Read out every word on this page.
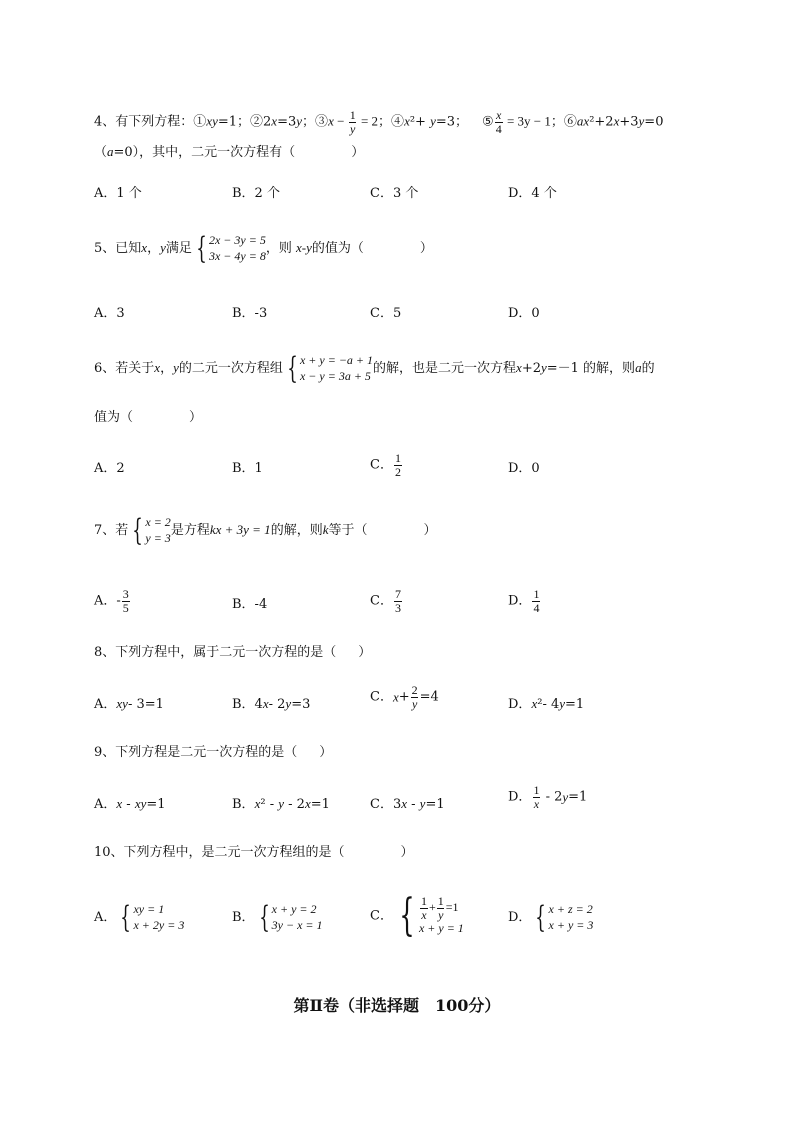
4、有下列方程：①xy=1；②2x=3y；③x − $\frac{1}{y} = 2$；④x²+ y=3； ⑤ $\frac{x}{4} = 3y - 1$；⑥ax²+2x+3y=0
（a=0），其中，二元一次方程有（	）
A．1 个	B．2 个	C．3 个	D．4 个
5、已知x，y满足 { 2x − 3y = 5
3x − 4y = 8 ，则 x-y的值为（	）
A．3	B．-3	C．5	D．0
6、若关于x，y的二元一次方程组 { x + y = −a + 1
x − y = 3a + 5 的解，也是二元一次方程x+2y=－1 的解，则a的
值为（	）
A．2	B．1	C． $\frac{1}{2}$	D．0
7、若 { x = 2
y = 3 是方程kx + 3y = 1的解，则k等于（	）
A．- $\frac{3}{5}$	B．-4	C． $\frac{7}{3}$	D． $\frac{1}{4}$
8、下列方程中，属于二元一次方程的是（ ）
A．xy- 3=1	B．4x- 2y=3	C．$x+ \frac{2}{y} =4$	D．x²- 4y=1
9、下列方程是二元一次方程的是（ ）
A．x - xy=1	B．x² - y - 2x=1	C．3x - y=1	D． $\frac{1}{x} - 2y=1$
10、下列方程中，是二元一次方程组的是（	）
A． { xy = 1
x + 2y = 3	B． { x + y = 2
3y − x = 1
C． { $\frac{1}{x} + \frac{1}{y} =1$
x + y = 1
D． { x + z = 2
x + y = 3
第Ⅱ卷（非选择题　100分）
